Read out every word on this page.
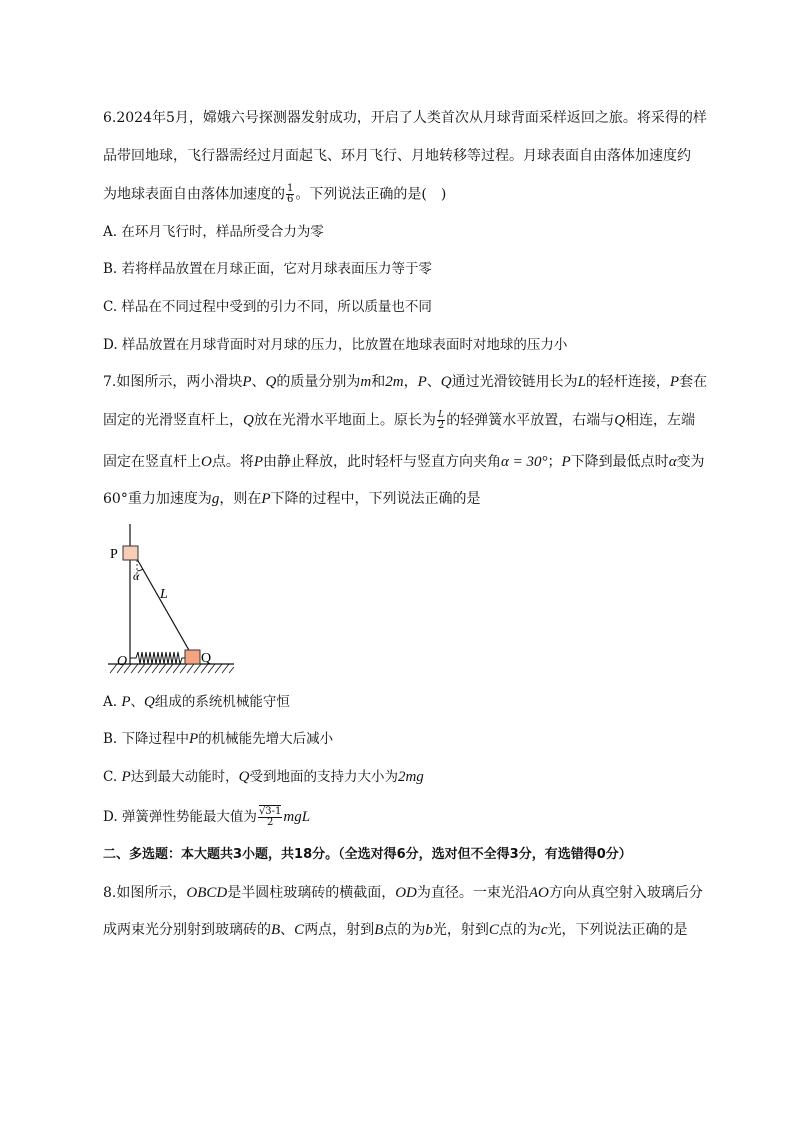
6.2024年5月，嫦娥六号探测器发射成功，开启了人类首次从月球背面采样返回之旅。将采得的样
品带回地球，飞行器需经过月面起飞、环月飞行、月地转移等过程。月球表面自由落体加速度约
为地球表面自由落体加速度的 $\frac{1}{6}$ 。下列说法正确的是(　)
A. 在环月飞行时，样品所受合力为零
B. 若将样品放置在月球正面，它对月球表面压力等于零
C. 样品在不同过程中受到的引力不同，所以质量也不同
D. 样品放置在月球背面时对月球的压力，比放置在地球表面时对地球的压力小
7.如图所示，两小滑块P、Q的质量分别为m和2m，P、Q通过光滑铰链用长为L的轻杆连接，P套在
固定的光滑竖直杆上，Q放在光滑水平地面上。原长为 $\frac{L}{2}$ 的轻弹簧水平放置，右端与Q相连，左端
固定在竖直杆上O点。将P由静止释放，此时轻杆与竖直方向夹角α = 30°；P下降到最低点时α变为
60°重力加速度为g，则在P下降的过程中，下列说法正确的是
P
Q
O
L
α
A. P、Q组成的系统机械能守恒
B. 下降过程中P的机械能先增大后减小
C. P达到最大动能时，Q受到地面的支持力大小为2mg
D. 弹簧弹性势能最大值为 $\frac{√3-1}{2}$ mgL
二、多选题：本大题共3小题，共18分。（全选对得6分，选对但不全得3分，有选错得0分）
8.如图所示，OBCD是半圆柱玻璃砖的横截面，OD为直径。一束光沿AO方向从真空射入玻璃后分
成两束光分别射到玻璃砖的B、C两点，射到B点的为b光，射到C点的为c光，下列说法正确的是
